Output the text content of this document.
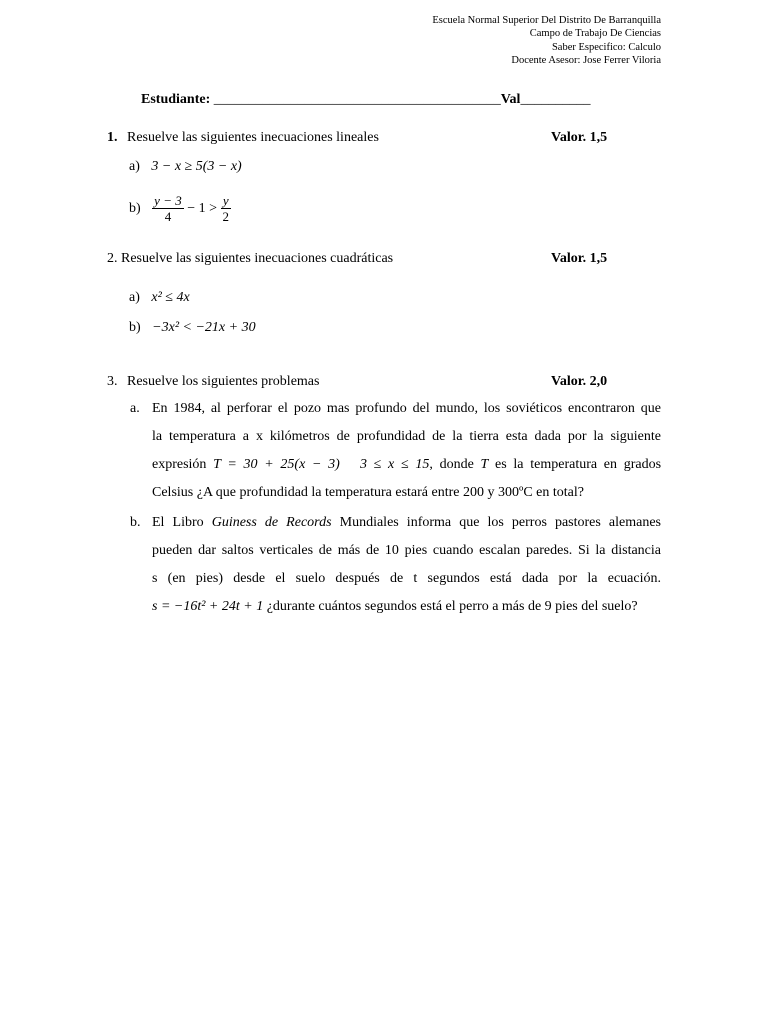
Escuela Normal Superior Del Distrito De Barranquilla
Campo de Trabajo De Ciencias
Saber Especifico: Calculo
Docente Asesor: Jose Ferrer Viloria
Estudiante: _________________________________________Val__________
1. Resuelve las siguientes inecuaciones lineales	Valor. 1,5
a) 3 − x ≥ 5(3 − x)
$b) \frac{y - 3}{4} - 1 > \frac{y}{2}$
2. Resuelve las siguientes inecuaciones cuadráticas	Valor. 1,5
a) x² ≤ 4x
b) −3x² < −21x + 30
3. Resuelve los siguientes problemas	Valor. 2,0
a. En 1984, al perforar el pozo mas profundo del mundo, los soviéticos encontraron que
la temperatura a x kilómetros de profundidad de la tierra esta dada por la siguiente
expresión T = 30 + 25(x − 3)   3 ≤ x ≤ 15, donde T es la temperatura en grados
Celsius ¿A que profundidad la temperatura estará entre 200 y 300ºC en total?
b. El Libro Guiness de Records Mundiales informa que los perros pastores alemanes
pueden dar saltos verticales de más de 10 pies cuando escalan paredes. Si la distancia
s (en pies) desde el suelo después de t segundos está dada por la ecuación.
s = −16t² + 24t + 1 ¿durante cuántos segundos está el perro a más de 9 pies del suelo?
